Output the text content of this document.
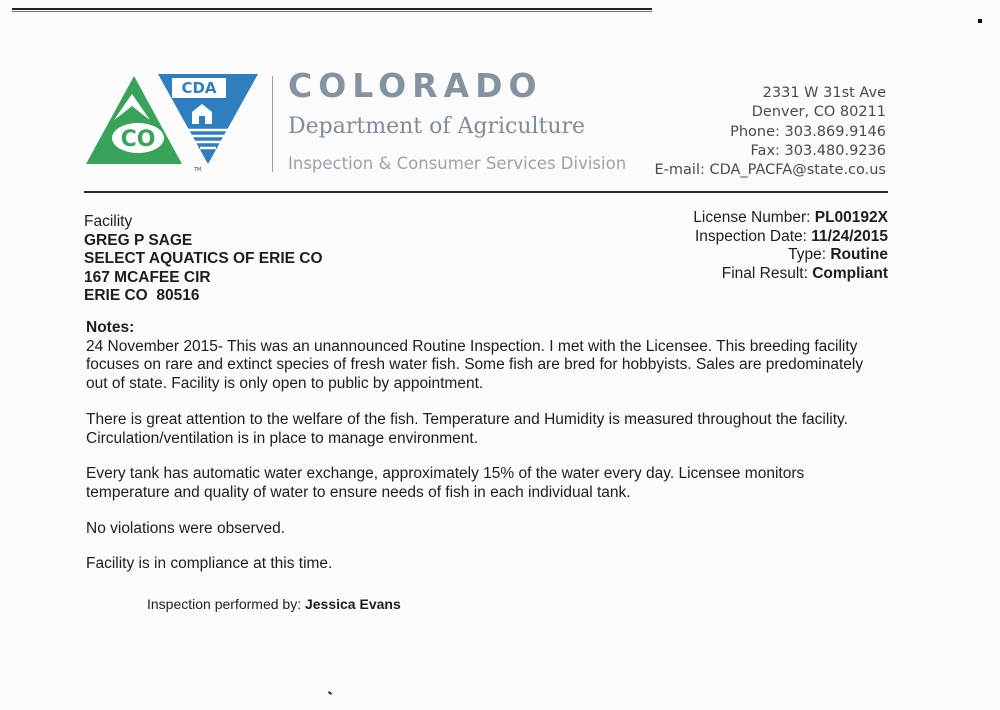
CO
CDA
TM
COLORADO
Department of Agriculture
Inspection & Consumer Services Division
2331 W 31st Ave
Denver, CO 80211
Phone: 303.869.9146
Fax: 303.480.9236
E-mail: CDA_PACFA@state.co.us
Facility
GREG P SAGE
SELECT AQUATICS OF ERIE CO
167 MCAFEE CIR
ERIE CO  80516
License Number: PL00192X
Inspection Date: 11/24/2015
Type: Routine
Final Result: Compliant
Notes:

24 November 2015- This was an unannounced Routine Inspection. I met with the Licensee. This breeding facility focuses on rare and extinct species of fresh water fish. Some fish are bred for hobbyists. Sales are predominately out of state. Facility is only open to public by appointment.

There is great attention to the welfare of the fish. Temperature and Humidity is measured throughout the facility. Circulation/ventilation is in place to manage environment.

Every tank has automatic water exchange, approximately 15% of the water every day. Licensee monitors temperature and quality of water to ensure needs of fish in each individual tank.

No violations were observed.

Facility is in compliance at this time.

Inspection performed by: Jessica Evans
